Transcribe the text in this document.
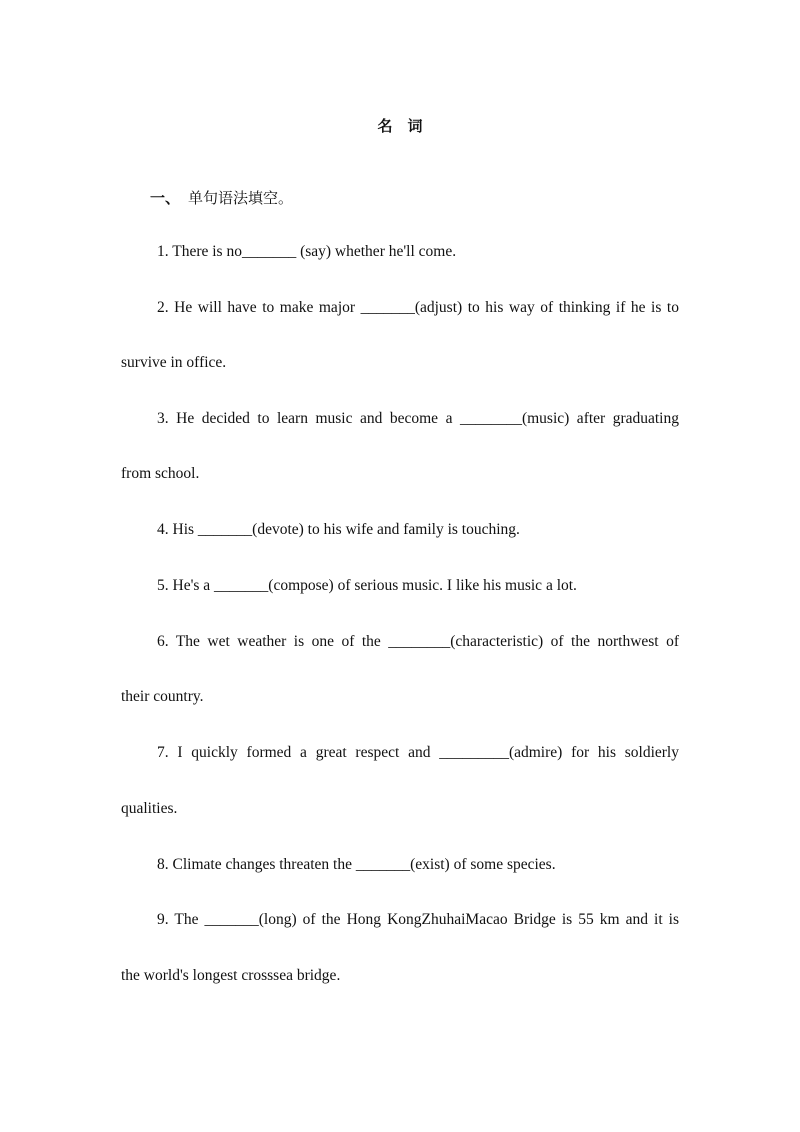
名　词
一、 单句语法填空。
1. There is no_______ (say) whether he'll come.
2. He will have to make major _______(adjust) to his way of thinking if he is to
survive in office.
3. He decided to learn music and become a ________(music) after graduating
from school.
4. His _______(devote) to his wife and family is touching.
5. He's a _______(compose) of serious music. I like his music a lot.
6. The wet weather is one of the ________(characteristic) of the northwest of
their country.
7. I quickly formed a great respect and _________(admire) for his soldierly
qualities.
8. Climate changes threaten the _______(exist) of some species.
9. The _______(long) of the Hong KongZhuhaiMacao Bridge is 55 km and it is
the world's longest crosssea bridge.
